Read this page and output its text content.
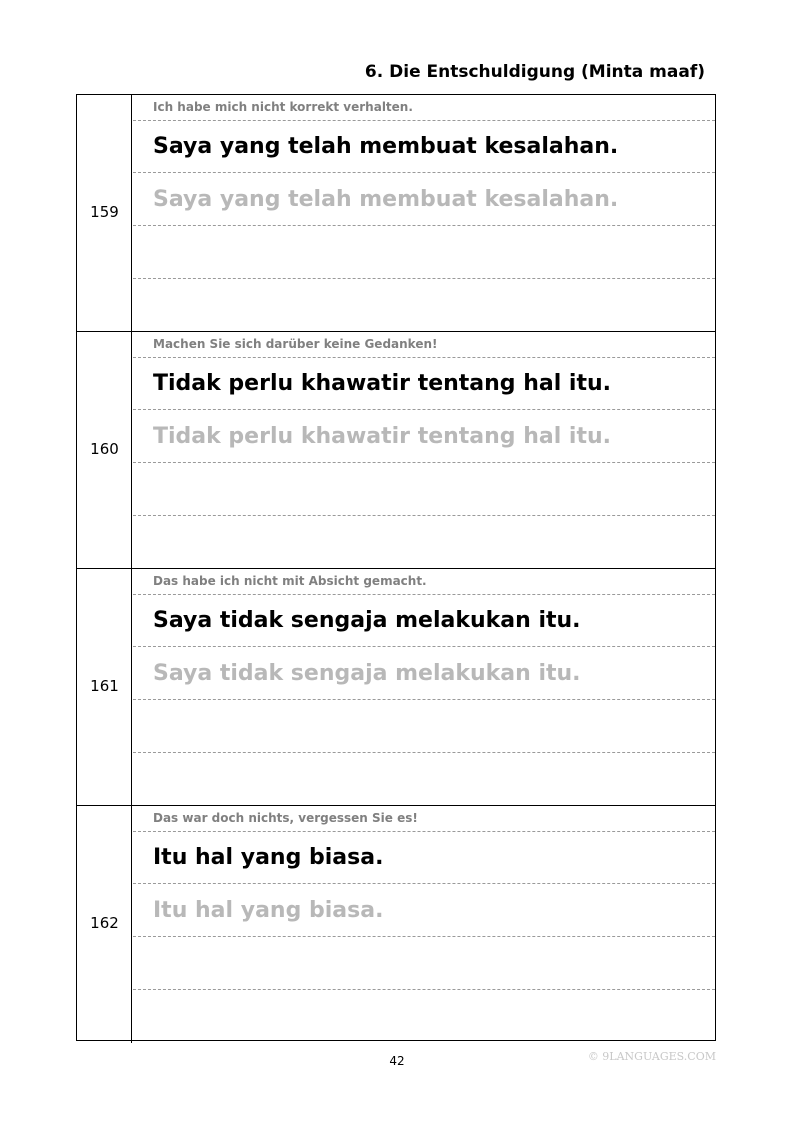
6. Die Entschuldigung (Minta maaf)
159
Ich habe mich nicht korrekt verhalten.
Saya yang telah membuat kesalahan.
Saya yang telah membuat kesalahan.
160
Machen Sie sich darüber keine Gedanken!
Tidak perlu khawatir tentang hal itu.
Tidak perlu khawatir tentang hal itu.
161
Das habe ich nicht mit Absicht gemacht.
Saya tidak sengaja melakukan itu.
Saya tidak sengaja melakukan itu.
162
Das war doch nichts, vergessen Sie es!
Itu hal yang biasa.
Itu hal yang biasa.
42	© 9LANGUAGES.COM
